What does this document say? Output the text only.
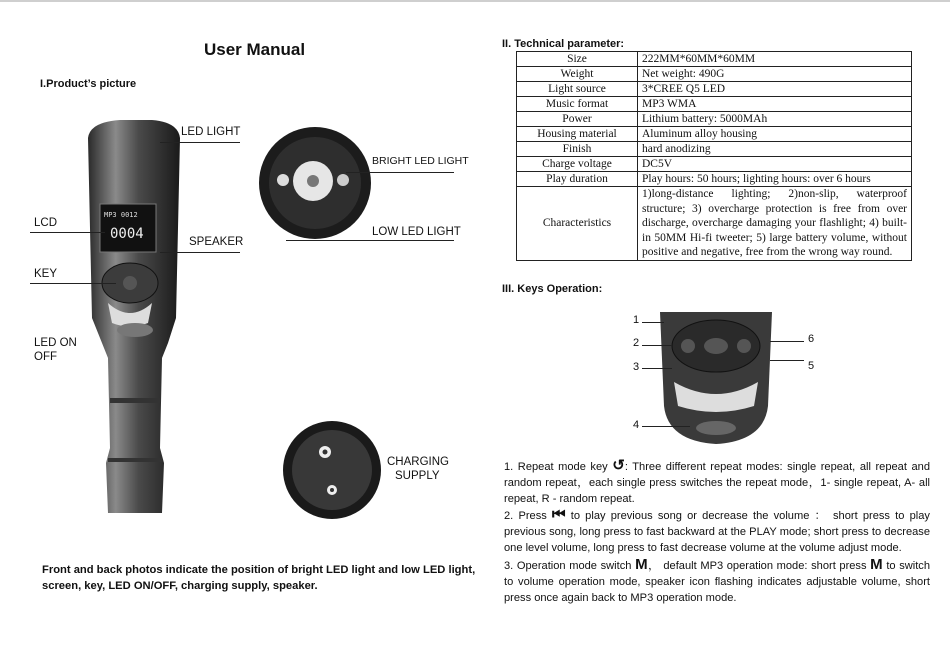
User Manual
I.Product’s picture
MP3 0012
0004
LED LIGHT
LCD
SPEAKER
KEY
LED ON
OFF
BRIGHT LED LIGHT
LOW LED LIGHT
CHARGING
SUPPLY
Front and back photos indicate the position of bright LED light and low LED light, screen, key, LED ON/OFF, charging supply, speaker.
II. Technical parameter:
Size	222MM*60MM*60MM
Weight	Net weight: 490G
Light source	3*CREE Q5 LED
Music format	MP3 WMA
Power	Lithium battery: 5000MAh
Housing material	Aluminum alloy housing
Finish	hard anodizing
Charge voltage	DC5V
Play duration	Play hours: 50 hours; lighting hours: over 6 hours
Characteristics	1)long-distance lighting; 2)non-slip, waterproof structure; 3) overcharge protection is free from over discharge, overcharge damaging your flashlight; 4) built-in 50MM Hi-fi tweeter; 5) large battery volume, without positive and negative, free from the wrong way round.
III. Keys Operation:
1
2
3
4
5
6

1. Repeat mode key ↺: Three different repeat modes: single repeat, all repeat and random repeat，each single press switches the repeat mode，1- single repeat, A- all repeat, R - random repeat.

2. Press ⏮ to play previous song or decrease the volume ： short press to play previous song, long press to fast backward at the PLAY mode; short press to decrease one level volume, long press to fast decrease volume at the volume adjust mode.

3. Operation mode switch M， default MP3 operation mode: short press M to switch to volume operation mode, speaker icon flashing indicates adjustable volume, short press once again back to MP3 operation mode.
